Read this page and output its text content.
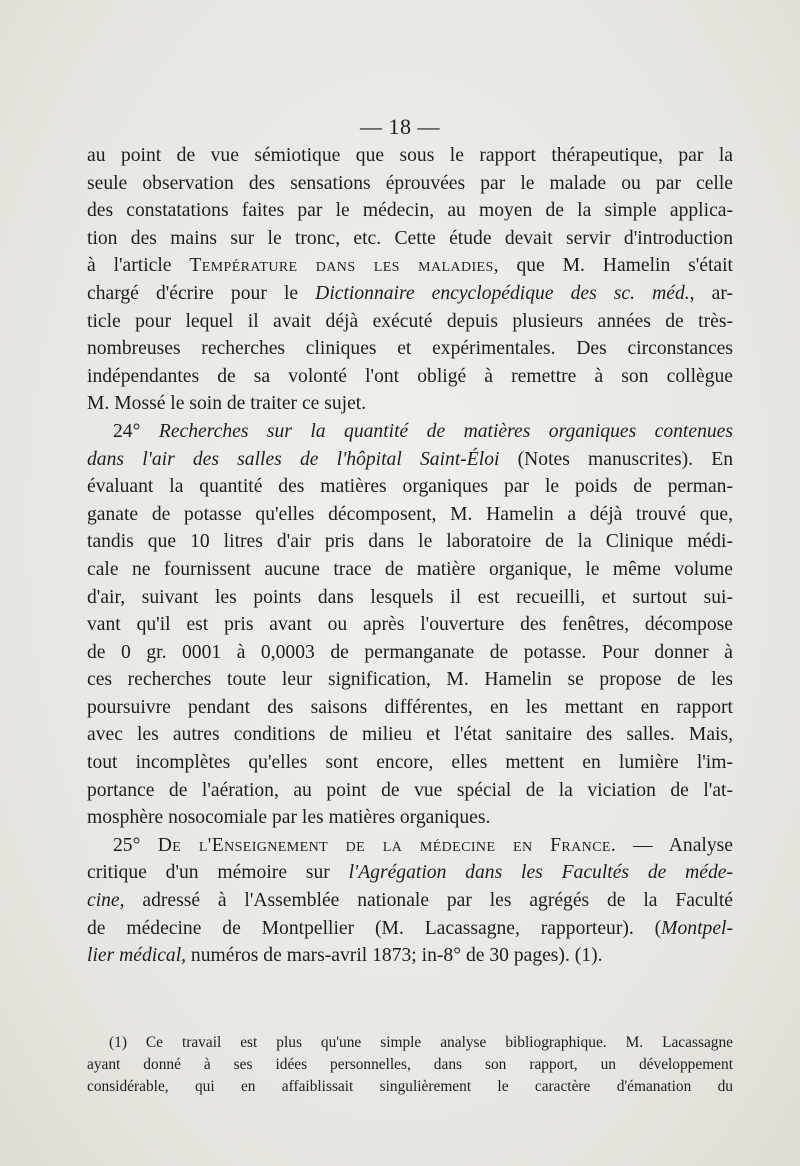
— 18 —

au point de vue sémiotique que sous le rapport thérapeutique, par la
seule observation des sensations éprouvées par le malade ou par celle
des constatations faites par le médecin, au moyen de la simple applica-
tion des mains sur le tronc, etc. Cette étude devait servir d'introduction
à l'article Température dans les maladies, que M. Hamelin s'était
chargé d'écrire pour le Dictionnaire encyclopédique des sc. méd., ar-
ticle pour lequel il avait déjà exécuté depuis plusieurs années de très-
nombreuses recherches cliniques et expérimentales. Des circonstances
indépendantes de sa volonté l'ont obligé à remettre à son collègue
M. Mossé le soin de traiter ce sujet.

24° Recherches sur la quantité de matières organiques contenues
dans l'air des salles de l'hôpital Saint-Éloi (Notes manuscrites). En
évaluant la quantité des matières organiques par le poids de perman-
ganate de potasse qu'elles décomposent, M. Hamelin a déjà trouvé que,
tandis que 10 litres d'air pris dans le laboratoire de la Clinique médi-
cale ne fournissent aucune trace de matière organique, le même volume
d'air, suivant les points dans lesquels il est recueilli, et surtout sui-
vant qu'il est pris avant ou après l'ouverture des fenêtres, décompose
de 0 gr. 0001 à 0,0003 de permanganate de potasse. Pour donner à
ces recherches toute leur signification, M. Hamelin se propose de les
poursuivre pendant des saisons différentes, en les mettant en rapport
avec les autres conditions de milieu et l'état sanitaire des salles. Mais,
tout incomplètes qu'elles sont encore, elles mettent en lumière l'im-
portance de l'aération, au point de vue spécial de la viciation de l'at-
mosphère nosocomiale par les matières organiques.

25° De l'Enseignement de la médecine en France. — Analyse
critique d'un mémoire sur l'Agrégation dans les Facultés de méde-
cine, adressé à l'Assemblée nationale par les agrégés de la Faculté
de médecine de Montpellier (M. Lacassagne, rapporteur). (Montpel-
lier médical, numéros de mars-avril 1873; in-8° de 30 pages). (1).

(1) Ce travail est plus qu'une simple analyse bibliographique. M. Lacassagne
ayant donné à ses idées personnelles, dans son rapport, un développement
considérable, qui en affaiblissait singulièrement le caractère d'émanation du
